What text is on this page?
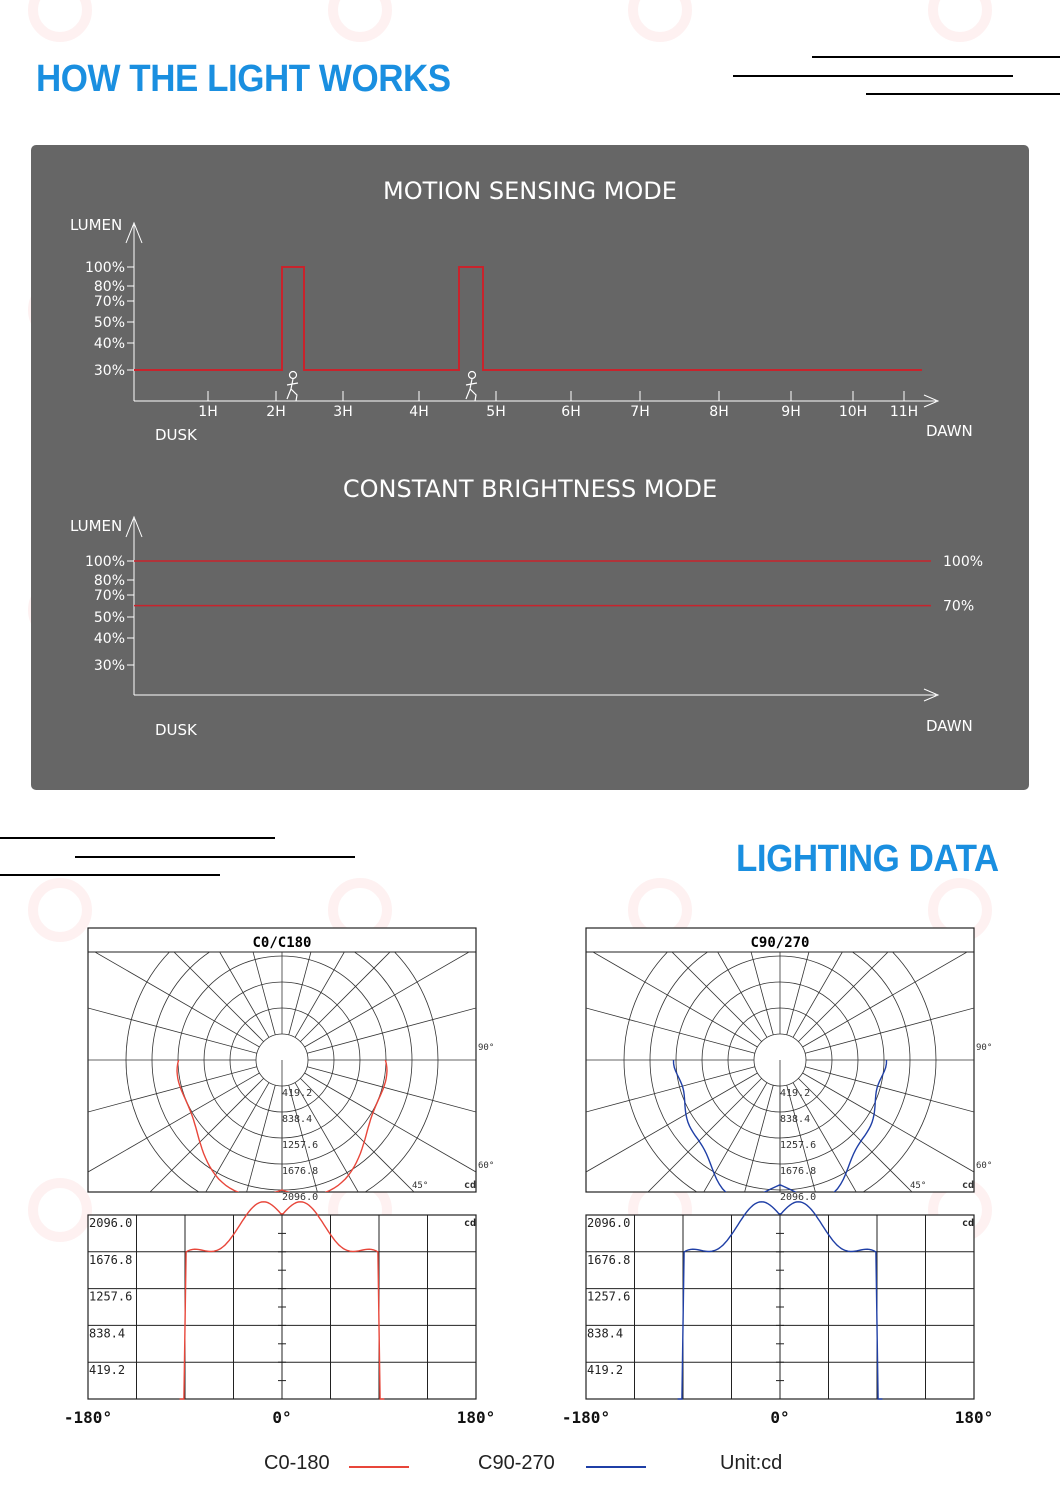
HOW THE LIGHT WORKS
MOTION SENSING MODE
LUMEN
100%
80%
70%
50%
40%
30%
1H	2H	3H	4H	5H	6H	7H	8H	9H	10H 11H
DUSK	DAWN
CONSTANT BRIGHTNESS MODE
LUMEN
100%
80%
70%
50%
40%
30%
100%
70%
DUSK	DAWN
LIGHTING DATA
C0/C180
419.2
838.4
1257.6
1676.8
2096.0
90°
60°
45°	cd
2096.0
1676.8
1257.6
838.4
419.2
cd
-180°	0°	180°
C90/270
419.2
838.4
1257.6
1676.8
2096.0
90°
60°
45°	cd
2096.0
1676.8
1257.6
838.4
419.2
cd
-180°	0°	180°
C0-180	C90-270	Unit:cd
